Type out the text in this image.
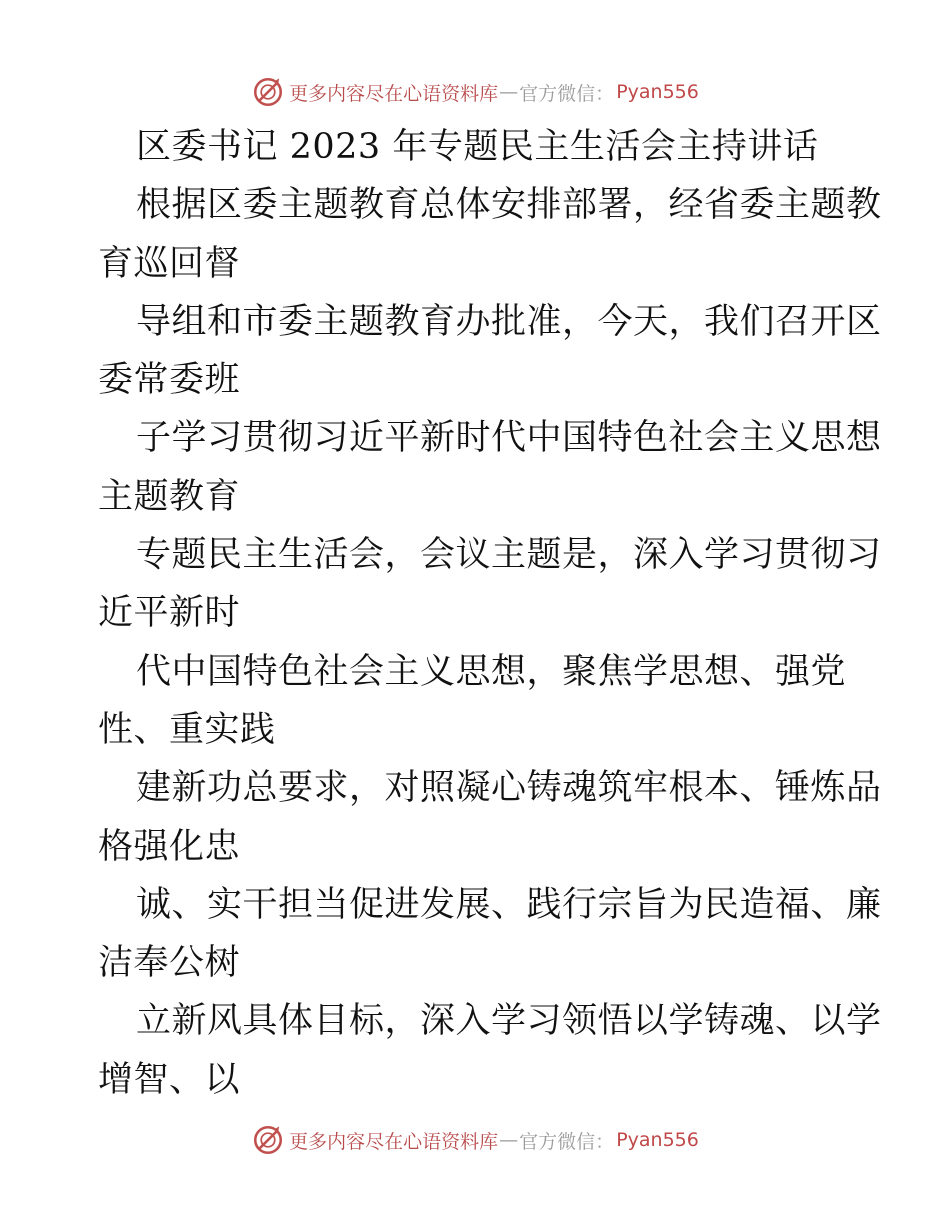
更多内容尽在心语资料库 — 官方微信： Pyan556
区委书记 2023 年专题民主生活会主持讲话
根据区委主题教育总体安排部署，经省委主题教
育巡回督
导组和市委主题教育办批准，今天，我们召开区
委常委班
子学习贯彻习近平新时代中国特色社会主义思想
主题教育
专题民主生活会，会议主题是，深入学习贯彻习
近平新时
代中国特色社会主义思想，聚焦学思想、强党
性、重实践
建新功总要求，对照凝心铸魂筑牢根本、锤炼品
格强化忠
诚、实干担当促进发展、践行宗旨为民造福、廉
洁奉公树
立新风具体目标，深入学习领悟以学铸魂、以学
增智、以
更多内容尽在心语资料库 — 官方微信： Pyan556
